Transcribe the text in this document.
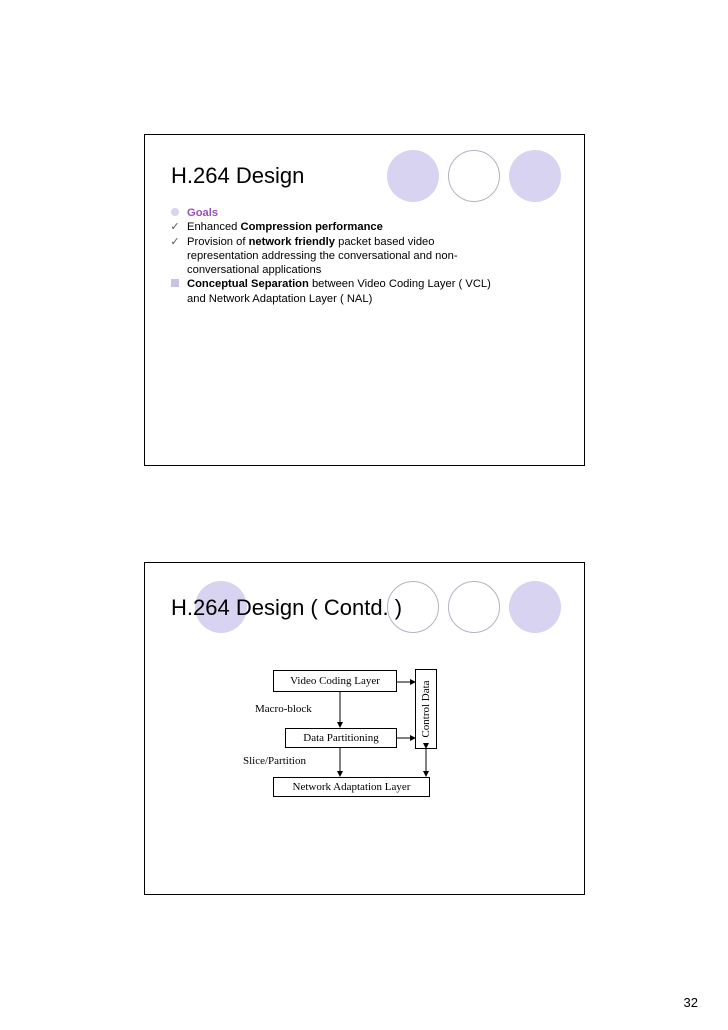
H.264 Design
Goals
✓ Enhanced Compression performance
✓ Provision of network friendly packet based video
representation addressing the conversational and non-
conversational applications
Conceptual Separation between Video Coding Layer ( VCL)
and Network Adaptation Layer ( NAL)
H.264 Design ( Contd. )
Video Coding Layer
Macro-block
Data Partitioning
Slice/Partition
Network Adaptation Layer
Control Data
32
